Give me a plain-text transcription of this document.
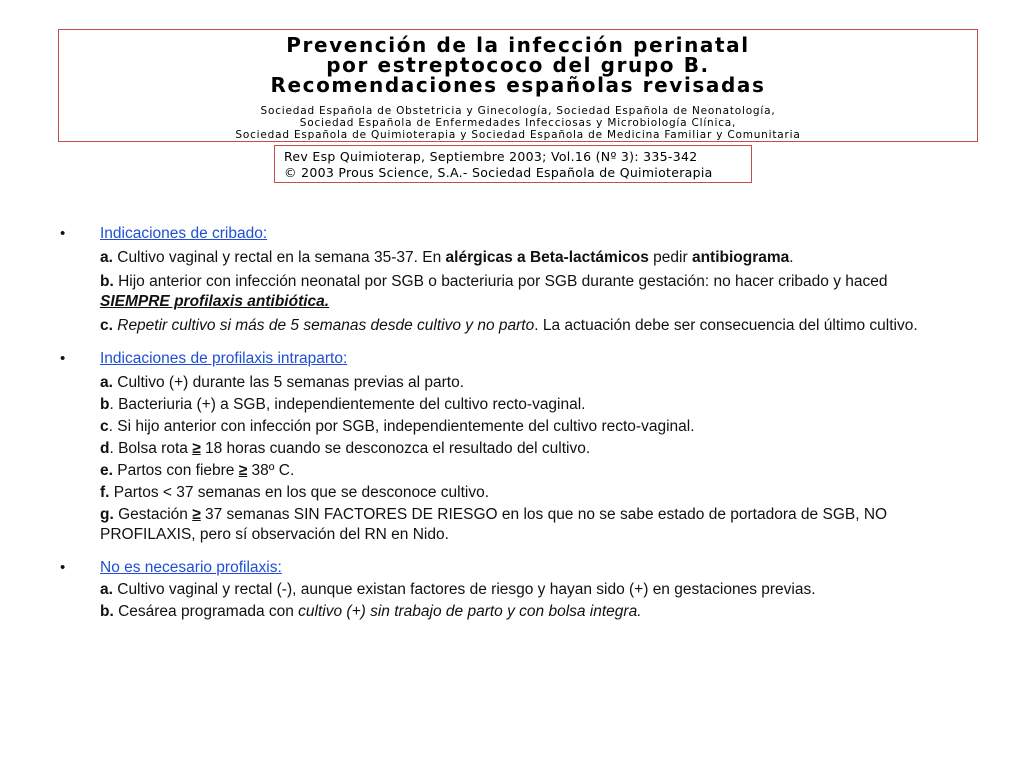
Prevención de la infección perinatal
por estreptococo del grupo B.
Recomendaciones españolas revisadas
Sociedad Española de Obstetricia y Ginecología, Sociedad Española de Neonatología,
Sociedad Española de Enfermedades Infecciosas y Microbiología Clínica,
Sociedad Española de Quimioterapia y Sociedad Española de Medicina Familiar y Comunitaria
Rev Esp Quimioterap, Septiembre 2003; Vol.16 (Nº 3): 335-342
© 2003 Prous Science, S.A.- Sociedad Española de Quimioterapia
• Indicaciones de cribado:
a. Cultivo vaginal y rectal en la semana 35-37. En alérgicas a Beta-lactámicos pedir antibiograma.
b. Hijo anterior con infección neonatal por SGB o bacteriuria por SGB durante gestación: no hacer cribado y haced SIEMPRE profilaxis antibiótica.
c. Repetir cultivo si más de 5 semanas desde cultivo y no parto. La actuación debe ser consecuencia del último cultivo.
• Indicaciones de profilaxis intraparto:
a. Cultivo (+) durante las 5 semanas previas al parto.
b. Bacteriuria (+) a SGB, independientemente del cultivo recto-vaginal.
c. Si hijo anterior con infección por SGB, independientemente del cultivo recto-vaginal.
d. Bolsa rota ≥ 18 horas cuando se desconozca el resultado del cultivo.
e. Partos con fiebre ≥ 38º C.
f. Partos < 37 semanas en los que se desconoce cultivo.
g. Gestación ≥ 37 semanas SIN FACTORES DE RIESGO en los que no se sabe estado de portadora de SGB, NO PROFILAXIS, pero sí observación del RN en Nido.
• No es necesario profilaxis:
a. Cultivo vaginal y rectal (-), aunque existan factores de riesgo y hayan sido (+) en gestaciones previas.
b. Cesárea programada con cultivo (+) sin trabajo de parto y con bolsa integra.
